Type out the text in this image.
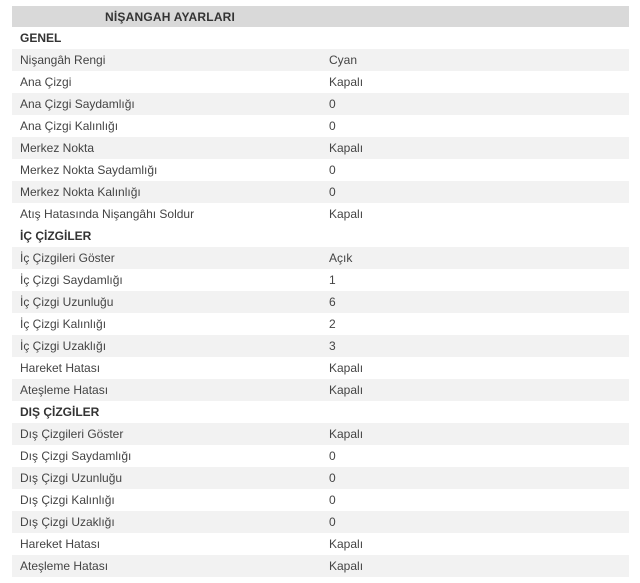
NİŞANGAH AYARLARI	
GENEL	
Nişangâh Rengi	Cyan
Ana Çizgi	Kapalı
Ana Çizgi Saydamlığı	0
Ana Çizgi Kalınlığı	0
Merkez Nokta	Kapalı
Merkez Nokta Saydamlığı	0
Merkez Nokta Kalınlığı	0
Atış Hatasında Nişangâhı Soldur	Kapalı
İÇ ÇİZGİLER	
İç Çizgileri Göster	Açık
İç Çizgi Saydamlığı	1
İç Çizgi Uzunluğu	6
İç Çizgi Kalınlığı	2
İç Çizgi Uzaklığı	3
Hareket Hatası	Kapalı
Ateşleme Hatası	Kapalı
DIŞ ÇİZGİLER	
Dış Çizgileri Göster	Kapalı
Dış Çizgi Saydamlığı	0
Dış Çizgi Uzunluğu	0
Dış Çizgi Kalınlığı	0
Dış Çizgi Uzaklığı	0
Hareket Hatası	Kapalı
Ateşleme Hatası	Kapalı
